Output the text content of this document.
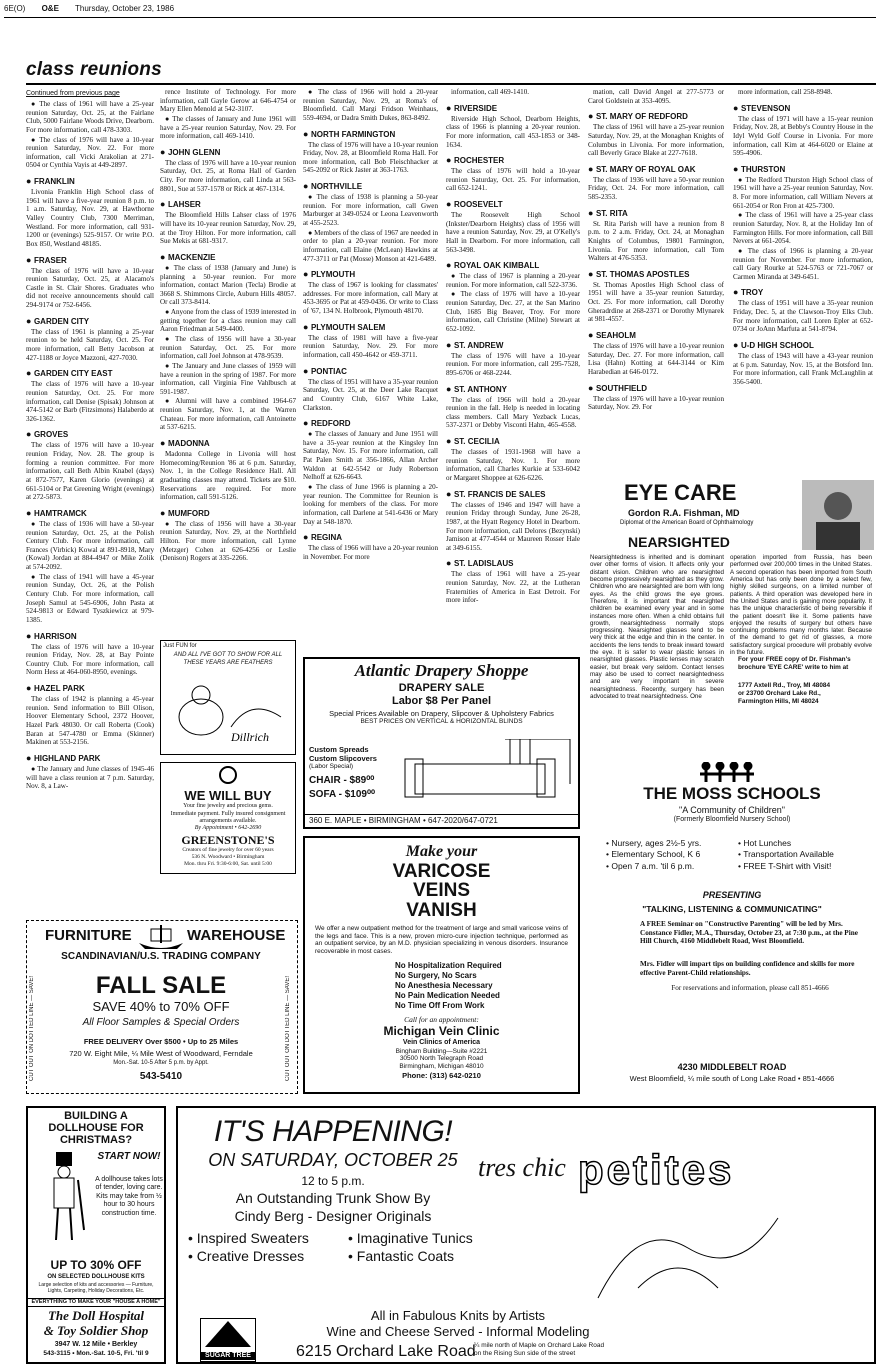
6E(O) O&E Thursday, October 23, 1986
class reunions
Continued from previous page

● The class of 1961 will have a 25-year reunion Saturday, Oct. 25, at the Fairlane Club, 5000 Fairlane Woods Drive, Dearborn. For more information, call 478-3303.

● The class of 1976 will have a 10-year reunion Saturday, Nov. 22. For more information, call Vicki Arakolian at 271-0504 or Cynthia Vayis at 449-2897.

● FRANKLIN

Livonia Franklin High School class of 1961 will have a five-year reunion 8 p.m. to 1 a.m. Saturday, Nov. 29, at Hawthorne Valley Country Club, 7300 Merriman, Westland. For more information, call 931-1200 or (evenings) 525-9157. Or write P.O. Box 850, Westland 48185.

● FRASER

The class of 1976 will have a 10-year reunion Saturday, Oct. 25, at Alacamo's Castle in St. Clair Shores. Graduates who did not receive announcements should call 294-9174 or 752-6456.

● GARDEN CITY

The class of 1961 is planning a 25-year reunion to be held Saturday, Oct. 25. For more information, call Betty Jacobson at 427-1188 or Joyce Mazzoni, 427-7030.

● GARDEN CITY EAST

The class of 1976 will have a 10-year reunion Saturday, Oct. 25. For more information, call Denise (Spisak) Johnson at 474-5142 or Barb (Fitzsimons) Halaberdo at 326-1362.

● GROVES

The class of 1976 will have a 10-year reunion Friday, Nov. 28. The group is forming a reunion committee. For more information, call Beth Albin Knabel (days) at 872-7577, Karen Glorio (evenings) at 661-5104 or Pat Greening Wright (evenings) at 272-5873.

● HAMTRAMCK

● The class of 1936 will have a 50-year reunion Saturday, Oct. 25, at the Polish Century Club. For more information, call Frances (Virbick) Kowal at 891-8918, Mary (Kowal) Jordan at 884-4947 or Mike Zolik at 574-2092.

● The class of 1941 will have a 45-year reunion Sunday, Oct. 26, at the Polish Century Club. For more information, call Joseph Samul at 545-6906, John Pasta at 524-9813 or Edward Tyszkiewicz at 979-1385.

● HARRISON

The class of 1976 will have a 10-year reunion Friday, Nov. 28, at Bay Pointe Country Club. For more information, call Norm Hess at 464-060-8950, evenings.

● HAZEL PARK

The class of 1942 is planning a 45-year reunion. Send information to Bill Olison, Hoover Elementary School, 2372 Hoover, Hazel Park 48030. Or call Roberta (Cook) Baran at 547-4780 or Emma (Skinner) Makinen at 553-2156.

● HIGHLAND PARK

● The January and June classes of 1945-46 will have a class reunion at 7 p.m. Saturday, Nov. 8, a Law-

rence Institute of Technology. For more information, call Gayle Gerow at 646-4754 or Mary Ellen Menold at 542-3107.

● The classes of January and June 1961 will have a 25-year reunion Saturday, Nov. 29. For more information, call 469-1410.

● JOHN GLENN

The class of 1976 will have a 10-year reunion Saturday, Oct. 25, at Roma Hall of Garden City. For more information, call Linda at 563-8801, Sue at 537-1578 or Rick at 467-1314.

● LAHSER

The Bloomfield Hills Lahser class of 1976 will have its 10-year reunion Saturday, Nov. 29, at the Troy Hilton. For more information, call Sue Mekis at 681-9317.

● MACKENZIE

● The class of 1938 (January and June) is planning a 50-year reunion. For more information, contact Marion (Tecla) Brodie at 3668 S. Shimmons Circle, Auburn Hills 48057. Or call 373-8414.

● Anyone from the class of 1939 interested in getting together for a class reunion may call Aaron Friedman at 549-4400.

● The class of 1956 will have a 30-year reunion Saturday, Oct. 25. For more information, call Joel Johnson at 478-9539.

● The January and June classes of 1959 will have a reunion in the spring of 1987. For more information, call Virginia Fine Vahlbusch at 591-1987.

● Alumni will have a combined 1964-67 reunion Saturday, Nov. 1, at the Warren Chateau. For more information, call Antoinette at 537-6215.

● MADONNA

Madonna College in Livonia will host Homecoming/Reunion '86 at 6 p.m. Saturday, Nov. 1, in the College Residence Hall. All graduating classes may attend. Tickets are $10. Reservations are required. For more information, call 591-5126.

● MUMFORD

● The class of 1956 will have a 30-year reunion Saturday, Nov. 29, at the Northfield Hilton. For more information, call Lynne (Metzger) Cohen at 626-4256 or Leslie (Denison) Rogers at 335-2266.

● The class of 1966 will hold a 20-year reunion Saturday, Nov. 29, at Roma's of Bloomfield. Call Margi Fridson Weinhaus, 559-4694, or Dadra Smith Dukes, 863-8492.

● NORTH FARMINGTON

The class of 1976 will have a 10-year reunion Friday, Nov. 28, at Bloomfield Roma Hall. For more information, call Bob Fleischhacker at 545-2092 or Rick Jaster at 363-1763.

● NORTHVILLE

● The class of 1938 is planning a 50-year reunion. For more information, call Gwen Marburger at 349-0524 or Leona Leavenworth at 455-2523.

● Members of the class of 1967 are needed in order to plan a 20-year reunion. For more information, call Elaine (McLean) Hawkins at 477-3711 or Pat (Mosse) Monson at 421-6489.

● PLYMOUTH

The class of 1967 is looking for classmates' addresses. For more information, call Mary at 453-3695 or Pat at 459-0436. Or write to Class of '67, 134 N. Holbrook, Plymouth 48170.

● PLYMOUTH SALEM

The class of 1981 will have a five-year reunion Saturday, Nov. 29. For more information, call 450-4642 or 459-3711.

● PONTIAC

The class of 1951 will have a 35-year reunion Saturday, Oct. 25, at the Deer Lake Racquet and Country Club, 6167 White Lake, Clarkston.

● REDFORD

● The classes of January and June 1951 will have a 35-year reunion at the Kingsley Inn Saturday, Nov. 15. For more information, call Pat Palen Smith at 356-1866, Allan Archer Waldon at 642-5542 or Judy Robertson Nelhoff at 626-6643.

● The class of June 1966 is planning a 20-year reunion. The Committee for Reunion is looking for members of the class. For more information, call Darlene at 541-6436 or Mary Day at 548-1870.

● REGINA

The class of 1966 will have a 20-year reunion in November. For more

information, call 469-1410.

● RIVERSIDE

Riverside High School, Dearborn Heights, class of 1966 is planning a 20-year reunion. For more information, call 453-1853 or 348-1634.

● ROCHESTER

The class of 1976 will hold a 10-year reunion Saturday, Oct. 25. For information, call 652-1241.

● ROOSEVELT

The Roosevelt High School (Inkster/Dearborn Heights) class of 1956 will have a reunion Saturday, Nov. 29, at O'Kelly's Hall in Dearborn. For more information, call 563-3498.

● ROYAL OAK KIMBALL

● The class of 1967 is planning a 20-year reunion. For more information, call 522-3736.

● The class of 1976 will have a 10-year reunion Saturday, Dec. 27, at the San Marino Club, 1685 Big Beaver, Troy. For more information, call Christine (Milne) Stewart at 652-1092.

● ST. ANDREW

The class of 1976 will have a 10-year reunion. For more information, call 295-7528, 895-6706 or 468-2244.

● ST. ANTHONY

The class of 1966 will hold a 20-year reunion in the fall. Help is needed in locating class members. Call Mary Yezback Lucas, 537-2371 or Debby Visconti Hahn, 465-4558.

● ST. CECILIA

The classes of 1931-1968 will have a reunion Saturday, Nov. 1. For more information, call Charles Kurkie at 533-6042 or Margaret Shoppee at 626-6226.

● ST. FRANCIS DE SALES

The classes of 1946 and 1947 will have a reunion Friday through Sunday, June 26-28, 1987, at the Hyatt Regency Hotel in Dearborn. For more information, call Delores (Bezynski) Jamison at 477-4544 or Maureen Rosser Hale at 349-6155.

● ST. LADISLAUS

The class of 1961 will have a 25-year reunion Saturday, Nov. 22, at the Lutheran Fraternities of America in East Detroit. For more infor-

mation, call David Angel at 277-5773 or Carol Goldstein at 353-4095.

● ST. MARY OF REDFORD

The class of 1961 will have a 25-year reunion Saturday, Nov. 29, at the Monaghan Knights of Columbus in Livonia. For more information, call Beverly Grace Blake at 227-7618.

● ST. MARY OF ROYAL OAK

The class of 1936 will have a 50-year reunion Friday, Oct. 24. For more information, call 585-2353.

● ST. RITA

St. Rita Parish will have a reunion from 8 p.m. to 2 a.m. Friday, Oct. 24, at Monaghan Knights of Columbus, 19801 Farmington, Livonia. For more information, call Tom Walters at 476-5353.

● ST. THOMAS APOSTLES

St. Thomas Apostles High School class of 1951 will have a 35-year reunion Saturday, Oct. 25. For more information, call Dorothy Gheradrdine at 268-2371 or Dorothy Mlynarek at 981-4557.

● SEAHOLM

The class of 1976 will have a 10-year reunion Saturday, Dec. 27. For more information, call Lisa (Hahn) Kotting at 644-3144 or Kim Harabedian at 646-0172.

● SOUTHFIELD

The class of 1976 will have a 10-year reunion Saturday, Nov. 29. For

more information, call 258-8948.

● STEVENSON

The class of 1971 will have a 15-year reunion Friday, Nov. 28, at Bebby's Country House in the Idyl Wyld Golf Course in Livonia. For more information, call Kim at 464-6020 or Elaine at 595-4906.

● THURSTON

● The Redford Thurston High School class of 1961 will have a 25-year reunion Saturday, Nov. 8. For more information, call William Nevers at 661-2054 or Ron Fron at 425-7300.

● The class of 1961 will have a 25-year class reunion Saturday, Nov. 8, at the Holiday Inn of Farmington Hills. For more information, call Bill Nevers at 661-2054.

● The class of 1966 is planning a 20-year reunion for November. For more information, call Gary Rourke at 524-5763 or 721-7067 or Carmen Miranda at 349-6451.

● TROY

The class of 1951 will have a 35-year reunion Friday, Dec. 5, at the Clawson-Troy Elks Club. For more information, call Loren Epler at 652-0734 or JoAnn Marfuta at 541-8794.

● U-D HIGH SCHOOL

The class of 1943 will have a 43-year reunion at 6 p.m. Saturday, Nov. 15, at the Botsford Inn. For more information, call Frank McLaughlin at 356-5400.

Just FUN for
AND ALL I'VE GOT TO SHOW FOR ALL THESE YEARS ARE FEATHERS
Dillrich
WE WILL BUY
Your fine jewelry and precious gems.
Immediate payment. Fully insured consignment arrangements available.
By Appointment • 642-2690
GREENSTONE'S
Creators of fine jewelry for over 60 years
536 N. Woodward • Birmingham
Mon. thru Fri. 9:30-6:00, Sat. until 5:00
Atlantic Drapery Shoppe
DRAPERY SALE
Labor $8 Per Panel
Special Prices Available on Drapery, Slipcover & Upholstery Fabrics
BEST PRICES ON VERTICAL & HORIZONTAL BLINDS
Custom Spreads
Custom Slipcovers
(Labor Special)
CHAIR - $89⁰⁰
SOFA - $109⁰⁰
360 E. MAPLE • BIRMINGHAM • 647-2020/647-0721
EYE CARE
Gordon R.A. Fishman, MD
Diplomat of the American Board of Ophthalmology
NEARSIGHTED
Nearsightedness is inherited and is dominant over other forms of vision. It affects only your distant vision. Children who are nearsighted become progressively nearsighted as they grow. Children who are nearsighted are born with long eyes. As the child grows the eye grows. Therefore, it is important that nearsighted children be examined every year and in some instances more often. When a child obtains full growth, nearsightedness normally stops progressing. Nearsighted glasses tend to be very thick at the edge and thin in the center. In accidents the lens tends to break inward toward the eye. It is safer to wear plastic lenses in nearsighted glasses. Plastic lenses may scratch easier, but break very seldom. Contact lenses may also be used to correct nearsightedness and are very important in severe nearsightedness. Recently, surgery has been advocated to treat nearsightedness. One
operation imported from Russia, has been performed over 200,000 times in the United States. A second operation has been imported from South America but has only been done by a select few, highly skilled surgeons, on a limited number of patients. A third operation was developed here in the United States and is gaining more popularity. It has the unique characteristic of being reversible if the patient doesn't like it. Some patients have enjoyed the results of surgery but others have continuing problems many months later. Because of the demand to get rid of glasses, a more satisfactory surgical procedure will probably evolve in the future.
For your FREE copy of Dr. Fishman's brochure 'EYE CARE' write to him at
1777 Axtell Rd., Troy, MI 48084
or 23700 Orchard Lake Rd.,
Farmington Hills, MI 48024
THE MOSS SCHOOLS
"A Community of Children"
(Formerly Bloomfield Nursery School)
• Nursery, ages 2½-5 yrs.
• Elementary School, K 6
• Open 7 a.m. 'til 6 p.m.
• Hot Lunches
• Transportation Available
• FREE T-Shirt with Visit!
PRESENTING
"TALKING, LISTENING & COMMUNICATING"
A FREE Seminar on "Constructive Parenting" will be led by Mrs. Constance Fidler, M.A., Thursday, October 23, at 7:30 p.m., at the Pine Hill Church, 4160 Middlebelt Road, West Bloomfield.
Mrs. Fidler will impart tips on building confidence and skills for more effective Parent-Child relationships.
For reservations and information, please call 851-4666
4230 MIDDLEBELT ROAD
West Bloomfield, ¼ mile south of Long Lake Road • 851-4666
FURNITURE	WAREHOUSE
SCANDINAVIAN/U.S. TRADING COMPANY
FALL SALE
SAVE 40% to 70% OFF
All Floor Samples & Special Orders
FREE DELIVERY Over $500 • Up to 25 Miles
720 W. Eight Mile, ¼ Mile West of Woodward, Ferndale
Mon.-Sat. 10-5 After 5 p.m. by Appt.
543-5410
CUT OUT ON DOTTED LINE — SAVE!	CUT OUT ON DOTTED LINE — SAVE!
Make your
VARICOSE
VEINS
VANISH
We offer a new outpatient method for the treatment of large and small varicose veins of the legs and face. This is a new, proven micro-cure injection technique, performed as an outpatient service, by an M.D. physician specializing in venous disorders. Insurance recoverable in most cases.
No Hospitalization Required
No Surgery, No Scars
No Anesthesia Necessary
No Pain Medication Needed
No Time Off From Work
Call for an appointment:
Michigan Vein Clinic
Vein Clinics of America
Bingham Building—Suite #2221
30500 North Telegraph Road
Birmingham, Michigan 48010
Phone: (313) 642-0210
BUILDING A DOLLHOUSE FOR CHRISTMAS?
START NOW!
A dollhouse takes lots of tender, loving care. Kits may take from ½ hour to 30 hours construction time.
UP TO 30% OFF
ON SELECTED DOLLHOUSE KITS
Large selection of kits and accessories — Furniture, Lights, Carpeting, Holiday Decorations, Etc.
EVERYTHING TO MAKE YOUR "HOUSE A HOME"
The Doll Hospital
& Toy Soldier Shop
3947 W. 12 Mile • Berkley
543-3115 • Mon.-Sat. 10-5, Fri. 'til 9
IT'S HAPPENING!
ON SATURDAY, OCTOBER 25
12 to 5 p.m.
An Outstanding Trunk Show By
Cindy Berg - Designer Originals
• Inspired Sweaters
• Creative Dresses
• Imaginative Tunics
• Fantastic Coats
tres chic petites
All in Fabulous Knits by Artists
Wine and Cheese Served - Informal Modeling
SUGAR TREE	6215 Orchard Lake Road
¼ mile north of Maple on Orchard Lake Road
on the Rising Sun side of the street
